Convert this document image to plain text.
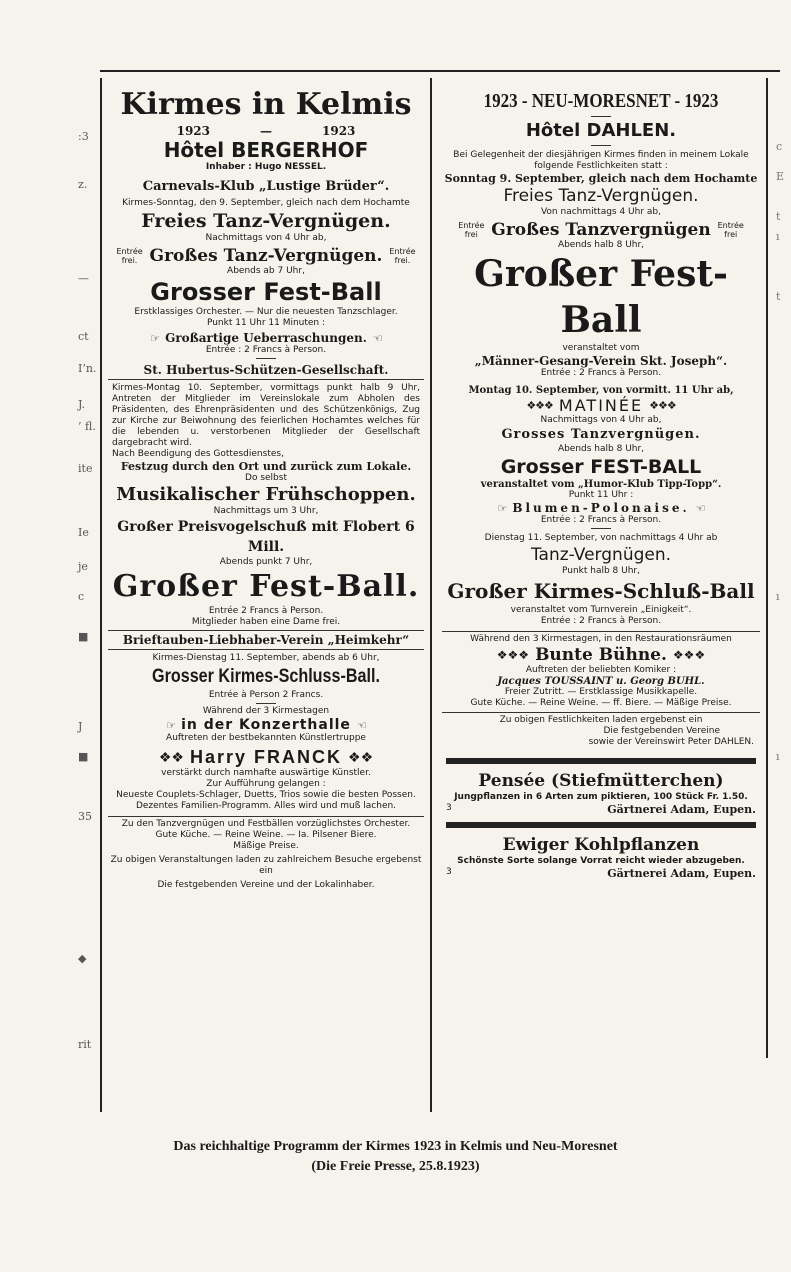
:3
z.
—
ct
I’n.
J.
’ fl.
ite
Ie
je
c
■
J
■
35
◆
rit
c
E
t
ı
t
ı
ı
Kirmes in Kelmis
1923	—	1923
Hôtel BERGERHOF
Inhaber : Hugo NESSEL.
Carnevals-Klub „Lustige Brüder“.
Kirmes-Sonntag, den 9. September, gleich nach dem Hochamte
Freies Tanz-Vergnügen.
Nachmittags von 4 Uhr ab,
Entrée frei. Großes Tanz-Vergnügen. Entrée frei.
Abends ab 7 Uhr,
Grosser Fest-Ball
Erstklassiges Orchester. — Nur die neuesten Tanzschlager.
Punkt 11 Uhr 11 Minuten :
☞ Großartige Ueberraschungen. ☜
Entrée : 2 Francs à Person.
St. Hubertus-Schützen-Gesellschaft.
Kirmes-Montag 10. September, vormittags punkt halb 9 Uhr, Antreten der Mitglieder im Vereinslokale zum Abholen des Präsidenten, des Ehrenpräsidenten und des Schützenkönigs, Zug zur Kirche zur Beiwohnung des feierlichen Hochamtes welches für die lebenden u. verstorbenen Mitglieder der Gesellschaft dargebracht wird.
Nach Beendigung des Gottesdienstes,
Festzug durch den Ort und zurück zum Lokale.
Do selbst
Musikalischer Frühschoppen.
Nachmittags um 3 Uhr,
Großer Preisvogelschuß mit Flobert 6 Mill.
Abends punkt 7 Uhr,
Großer Fest-Ball.
Entrée 2 Francs à Person.
Mitglieder haben eine Dame frei.
Brieftauben-Liebhaber-Verein „Heimkehr“
Kirmes-Dienstag 11. September, abends ab 6 Uhr,
Grosser Kirmes-Schluss-Ball.
Entrée à Person 2 Francs.
Während der 3 Kirmestagen
☞ in der Konzerthalle ☜
Auftreten der bestbekannten Künstlertruppe
❖❖ Harry FRANCK ❖❖
verstärkt durch namhafte auswärtige Künstler.
Zur Aufführung gelangen :
Neueste Couplets-Schlager, Duetts, Trios sowie die besten Possen.
Dezentes Familien-Programm. Alles wird und muß lachen.
Zu den Tanzvergnügen und Festbällen vorzüglichstes Orchester.
Gute Küche. — Reine Weine. — Ia. Pilsener Biere.
Mäßige Preise.
Zu obigen Veranstaltungen laden zu zahlreichem Besuche ergebenst ein
Die festgebenden Vereine und der Lokalinhaber.
1923 - NEU-MORESNET - 1923
Hôtel DAHLEN.
Bei Gelegenheit der diesjährigen Kirmes finden in meinem Lokale folgende Festlichkeiten statt :
Sonntag 9. September, gleich nach dem Hochamte
Freies Tanz-Vergnügen.
Von nachmittags 4 Uhr ab,
Entrée frei Großes Tanzvergnügen Entrée frei
Abends halb 8 Uhr,
Großer Fest-Ball
veranstaltet vom
„Männer-Gesang-Verein Skt. Joseph“.
Entrée : 2 Francs à Person.
Montag 10. September, von vormitt. 11 Uhr ab,
❖❖❖ MATINÉE ❖❖❖
Nachmittags von 4 Uhr ab,
Grosses Tanzvergnügen.
Abends halb 8 Uhr,
Grosser FEST-BALL
veranstaltet vom „Humor-Klub Tipp-Topp“.
Punkt 11 Uhr :
☞ Blumen-Polonaise. ☜
Entrée : 2 Francs à Person.
Dienstag 11. September, von nachmittags 4 Uhr ab
Tanz-Vergnügen.
Punkt halb 8 Uhr,
Großer Kirmes-Schluß-Ball
veranstaltet vom Turnverein „Einigkeit“.
Entrée : 2 Francs à Person.
Während den 3 Kirmestagen, in den Restaurationsräumen
❖❖❖ Bunte Bühne. ❖❖❖
Auftreten der beliebten Komiker :
Jacques TOUSSAINT u. Georg BUHL.
Freier Zutritt. — Erstklassige Musikkapelle.
Gute Küche. — Reine Weine. — ff. Biere. — Mäßige Preise.
Zu obigen Festlichkeiten laden ergebenst ein
Die festgebenden Vereine
sowie der Vereinswirt Peter DAHLEN.
Pensée (Stiefmütterchen)
Jungpflanzen in 6 Arten zum piktieren, 100 Stück Fr. 1.50.
3	Gärtnerei Adam, Eupen.
Ewiger Kohlpflanzen
Schönste Sorte solange Vorrat reicht wieder abzugeben.
3	Gärtnerei Adam, Eupen.
Das reichhaltige Programm der Kirmes 1923 in Kelmis und Neu-Moresnet
(Die Freie Presse, 25.8.1923)
